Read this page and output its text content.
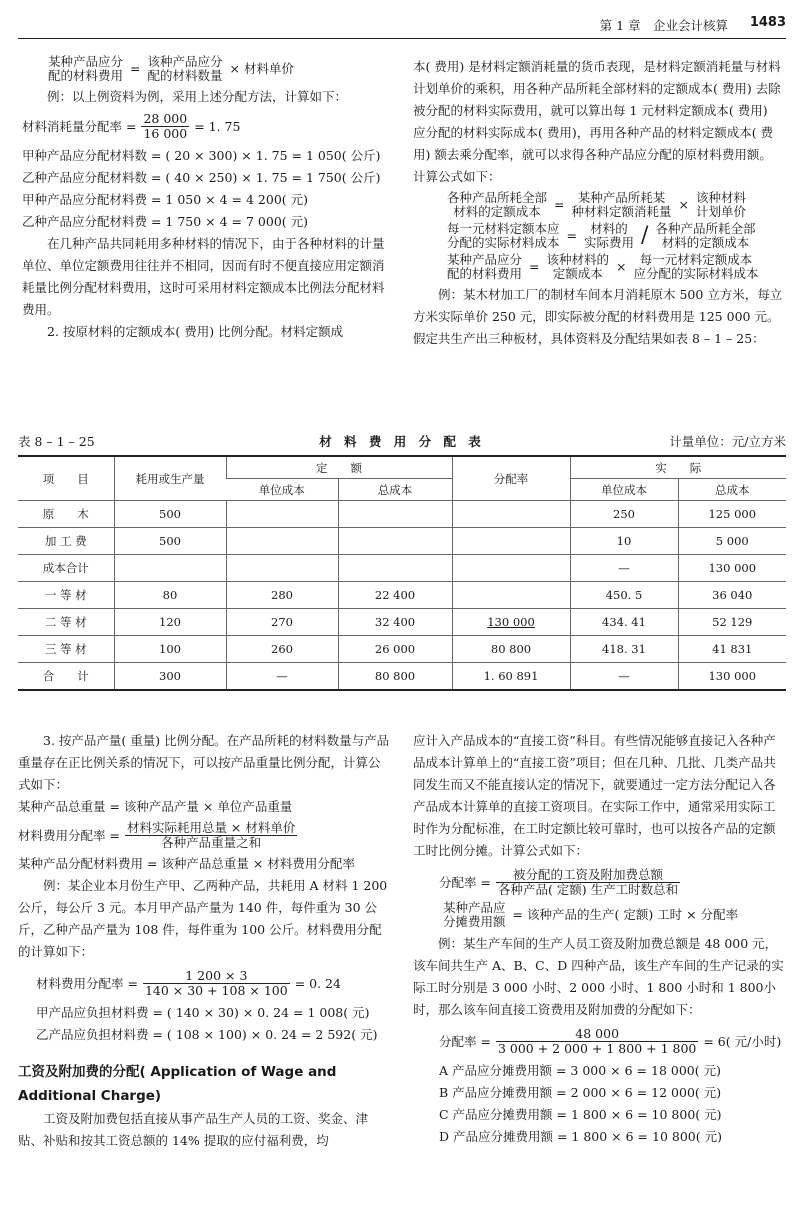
第 1 章　企业会计核算 1483
某种产品应分
配的材料费用 = 该种产品应分
配的材料数量 × 材料单价

例：以上例资料为例，采用上述分配方法，计算如下：

材料消耗量分配率 = $\frac{28 000}{16 000} = 1$. 75

甲种产品应分配材料数 = ( 20 × 300) × 1. 75 = 1 050( 公斤)

乙种产品应分配材料数 = ( 40 × 250) × 1. 75 = 1 750( 公斤)

甲种产品应分配材料费 = 1 050 × 4 = 4 200( 元)

乙种产品应分配材料费 = 1 750 × 4 = 7 000( 元)

在几种产品共同耗用多种材料的情况下，由于各种材料的计量单位、单位定额费用往往并不相同，因而有时不便直接应用定额消耗量比例分配材料费用，这时可采用材料定额成本比例法分配材料费用。

2. 按原材料的定额成本( 费用) 比例分配。材料定额成

本( 费用) 是材料定额消耗量的货币表现，是材料定额消耗量与材料计划单价的乘积，用各种产品所耗全部材料的定额成本( 费用) 去除被分配的材料实际费用，就可以算出每 1 元材料定额成本( 费用) 应分配的材料实际成本( 费用)，再用各种产品的材料定额成本( 费用) 额去乘分配率，就可以求得各种产品应分配的原材料费用额。计算公式如下：

各种产品所耗全部
材料的定额成本	=	某种产品所耗某
种材料定额消耗量 × 该种材料
计划单价
每一元材料定额本应
分配的实际材料成本 =	材料的
实际费用 / 各种产品所耗全部
材料的定额成本
某种产品应分
配的材料费用 = 该种材料的
定额成本	×	每一元材料定额成本
应分配的实际材料成本

例：某木材加工厂的制材车间本月消耗原木 500 立方米，每立方米实际单价 250 元，即实际被分配的材料费用是 125 000 元。假定共生产出三种板材，具体资料及分配结果如表 8 – 1 – 25：

表 8 – 1 – 25	材 料 费 用 分 配 表	计量单位：元/立方米
项　　目	耗用或生产量	定　　额		分配率	实　　际	
		单位成本	总成本		单位成本	总成本
原　　木	500				250	125 000
加 工 费	500				10	5 000
成本合计					—	130 000
一 等 材	80	280	22 400		450. 5	36 040
二 等 材	120	270	32 400	130 000	434. 41	52 129
三 等 材	100	260	26 000	80 800	418. 31	41 831
合　　计	300	—	80 800	1. 60 891	—	130 000

3. 按产品产量( 重量) 比例分配。在产品所耗的材料数量与产品重量存在正比例关系的情况下，可以按产品重量比例分配，计算公式如下：

某种产品总重量 = 该种产品产量 × 单位产品重量

材料费用分配率 = $\frac{\text{材料实际耗用总量 × 材料单价}}{\text{各种产品重量之和}}$

某种产品分配材料费用 = 该种产品总重量 × 材料费用分配率

例：某企业本月份生产甲、乙两种产品，共耗用 A 材料 1 200公斤，每公斤 3 元。本月甲产品产量为 140 件，每件重为 30 公斤，乙种产品产量为 108 件，每件重为 100 公斤。材料费用分配的计算如下：

材料费用分配率 = $\frac{1 200 \times 3}{140 \times 30 + 108 \times 100} = 0$. 24

甲产品应负担材料费 = ( 140 × 30) × 0. 24 = 1 008( 元)

乙产品应负担材料费 = ( 108 × 100) × 0. 24 = 2 592( 元)

工资及附加费的分配( Application of Wage and Additional Charge)

工资及附加费包括直接从事产品生产人员的工资、奖金、津贴、补贴和按其工资总额的 14% 提取的应付福利费，均

应计入产品成本的“直接工资”科目。有些情况能够直接记入各种产品成本计算单上的“直接工资”项目；但在几种、几批、几类产品共同发生而又不能直接认定的情况下，就要通过一定方法分配记入各产品成本计算单的直接工资项目。在实际工作中，通常采用实际工时作为分配标准，在工时定额比较可靠时，也可以按各产品的定额工时比例分摊。计算公式如下：

分配率 = $\frac{\text{被分配的工资及附加费总额}}{\text{各种产品( 定额) 生产工时数总和}}$
某种产品应
分摊费用额 = 该种产品的生产( 定额) 工时 × 分配率

例：某生产车间的生产人员工资及附加费总额是 48 000 元，该车间共生产 A、B、C、D 四种产品，该生产车间的生产记录的实际工时分别是 3 000 小时、2 000 小时、1 800 小时和 1 800小时，那么该车间直接工资费用及附加费的分配如下：

分配率 = $\frac{48 000}{3 000 + 2 000 + 1 800 + 1 800} = 6$( 元/小时)

A 产品应分摊费用额 = 3 000 × 6 = 18 000( 元)

B 产品应分摊费用额 = 2 000 × 6 = 12 000( 元)

C 产品应分摊费用额 = 1 800 × 6 = 10 800( 元)

D 产品应分摊费用额 = 1 800 × 6 = 10 800( 元)
